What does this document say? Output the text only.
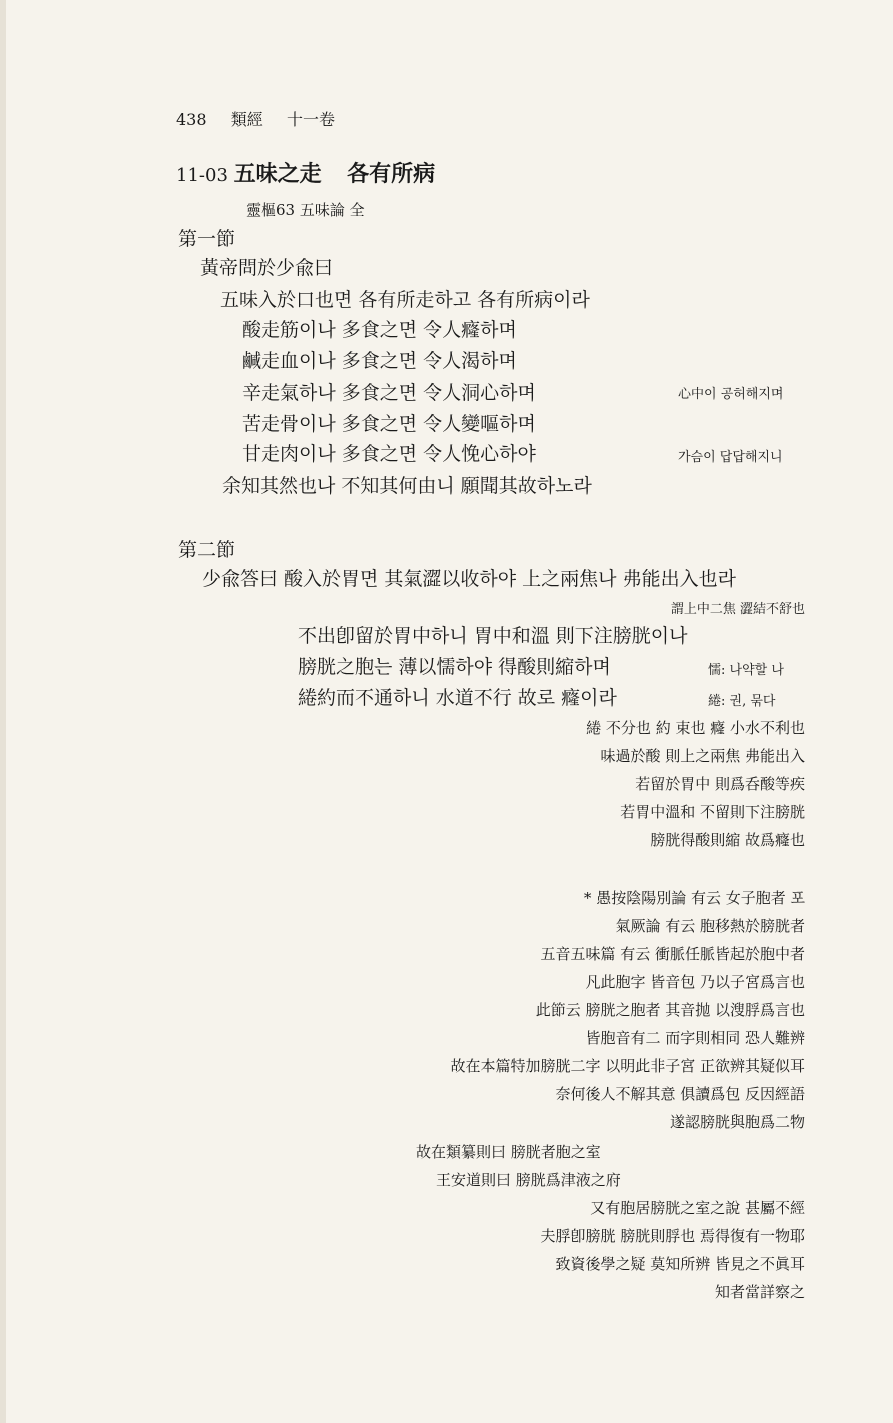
438 類經 十一卷
11-03 五味之走 各有所病
靈樞63 五味論 全
第一節
黃帝問於少兪曰
五味入於口也면 各有所走하고 各有所病이라
酸走筋이나 多食之면 令人癃하며
鹹走血이나 多食之면 令人渴하며
辛走氣하나 多食之면 令人洞心하며	心中이 공허해지며
苦走骨이나 多食之면 令人變嘔하며
甘走肉이나 多食之면 令人悗心하야	가슴이 답답해지니
余知其然也나 不知其何由니 願聞其故하노라
第二節
少兪答曰 酸入於胃면 其氣澀以收하야 上之兩焦나 弗能出入也라
謂上中二焦 澀結不舒也
不出卽留於胃中하니 胃中和溫 則下注膀胱이나
膀胱之胞는 薄以懦하야 得酸則縮하며	懦: 나약할 나
綣約而不通하니 水道不行 故로 癃이라	綣: 권, 묶다
綣 不分也 約 束也 癃 小水不利也
味過於酸 則上之兩焦 弗能出入
若留於胃中 則爲呑酸等疾
若胃中溫和 不留則下注膀胱
膀胱得酸則縮 故爲癃也
* 愚按陰陽別論 有云 女子胞者 포
氣厥論 有云 胞移熱於膀胱者
五音五味篇 有云 衝脈任脈皆起於胞中者
凡此胞字 皆音包 乃以子宮爲言也
此節云 膀胱之胞者 其音抛 以溲脬爲言也
皆胞音有二 而字則相同 恐人難辨
故在本篇特加膀胱二字 以明此非子宮 正欲辨其疑似耳
奈何後人不解其意 俱讀爲包 反因經語
遂認膀胱與胞爲二物
故在類纂則曰 膀胱者胞之室
王安道則曰 膀胱爲津液之府
又有胞居膀胱之室之說 甚屬不經
夫脬卽膀胱 膀胱則脬也 焉得復有一物耶
致資後學之疑 莫知所辨 皆見之不眞耳
知者當詳察之
